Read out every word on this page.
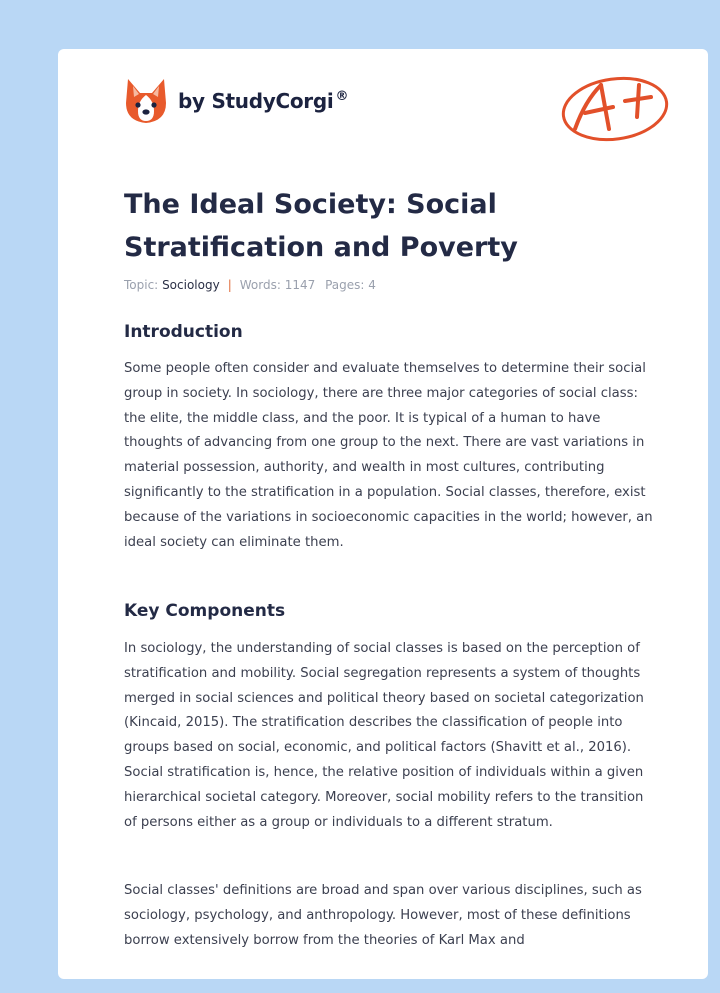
by StudyCorgi ®
The Ideal Society: Social Stratification and Poverty
Topic: Sociology | Words: 1147 Pages: 4
Introduction

Some people often consider and evaluate themselves to determine their social group in society. In sociology, there are three major categories of social class: the elite, the middle class, and the poor. It is typical of a human to have thoughts of advancing from one group to the next. There are vast variations in material possession, authority, and wealth in most cultures, contributing significantly to the stratification in a population. Social classes, therefore, exist because of the variations in socioeconomic capacities in the world; however, an ideal society can eliminate them.

Key Components

In sociology, the understanding of social classes is based on the perception of stratification and mobility. Social segregation represents a system of thoughts merged in social sciences and political theory based on societal categorization (Kincaid, 2015). The stratification describes the classification of people into groups based on social, economic, and political factors (Shavitt et al., 2016). Social stratification is, hence, the relative position of individuals within a given hierarchical societal category. Moreover, social mobility refers to the transition of persons either as a group or individuals to a different stratum.

Social classes' definitions are broad and span over various disciplines, such as sociology, psychology, and anthropology. However, most of these definitions borrow extensively borrow from the theories of Karl Max and
